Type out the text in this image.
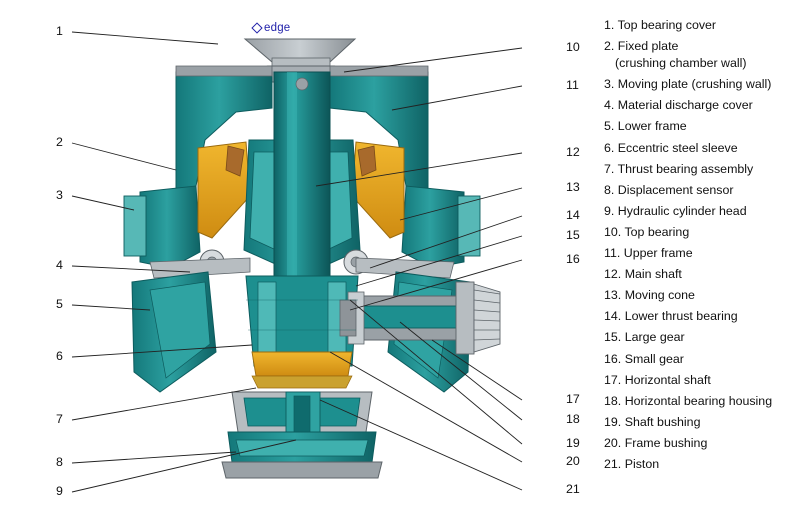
edge
1
2
3
4
5
6
7
8
9
10
11
12
13
14
15
16
17
18
19
20
21
1. Top bearing cover
2. Fixed plate
(crushing chamber wall)
3. Moving plate (crushing wall)
4. Material discharge cover
5. Lower frame
6. Eccentric steel sleeve
7. Thrust bearing assembly
8. Displacement sensor
9. Hydraulic cylinder head
10. Top bearing
11. Upper frame
12. Main shaft
13. Moving cone
14. Lower thrust bearing
15. Large gear
16. Small gear
17. Horizontal shaft
18. Horizontal bearing housing
19. Shaft bushing
20. Frame bushing
21. Piston
